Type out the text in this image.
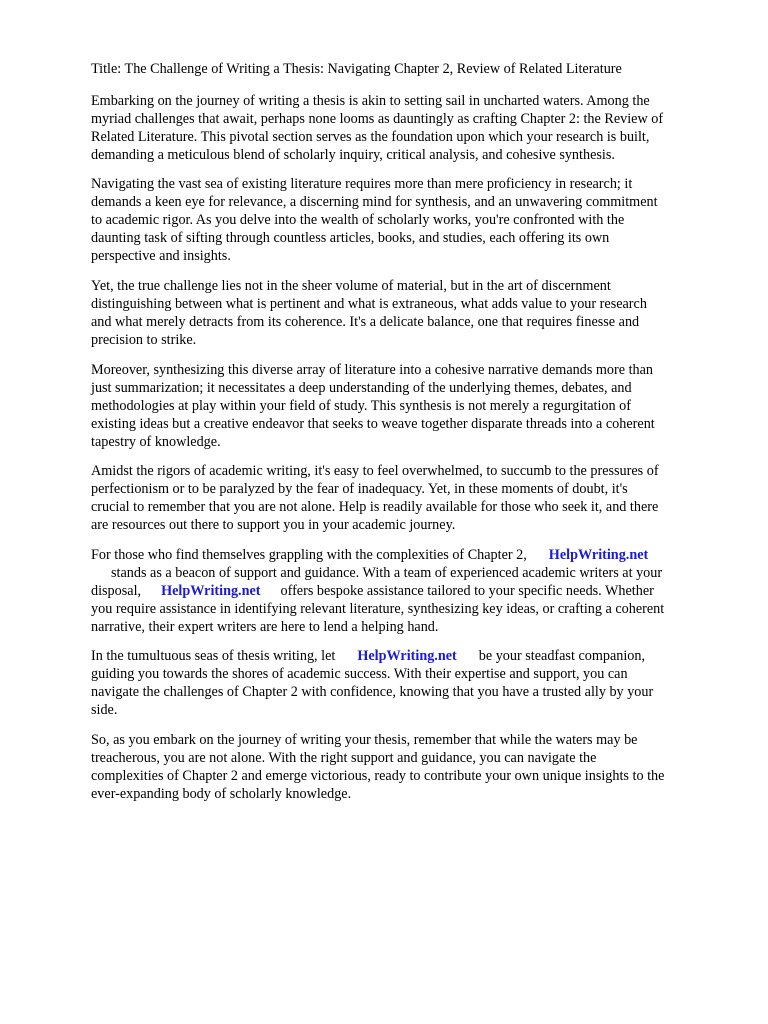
Title: The Challenge of Writing a Thesis: Navigating Chapter 2, Review of Related Literature

Embarking on the journey of writing a thesis is akin to setting sail in uncharted waters. Among the
myriad challenges that await, perhaps none looms as dauntingly as crafting Chapter 2: the Review of
Related Literature. This pivotal section serves as the foundation upon which your research is built,
demanding a meticulous blend of scholarly inquiry, critical analysis, and cohesive synthesis.

Navigating the vast sea of existing literature requires more than mere proficiency in research; it
demands a keen eye for relevance, a discerning mind for synthesis, and an unwavering commitment
to academic rigor. As you delve into the wealth of scholarly works, you're confronted with the
daunting task of sifting through countless articles, books, and studies, each offering its own
perspective and insights.

Yet, the true challenge lies not in the sheer volume of material, but in the art of discernment
distinguishing between what is pertinent and what is extraneous, what adds value to your research
and what merely detracts from its coherence. It's a delicate balance, one that requires finesse and
precision to strike.

Moreover, synthesizing this diverse array of literature into a cohesive narrative demands more than
just summarization; it necessitates a deep understanding of the underlying themes, debates, and
methodologies at play within your field of study. This synthesis is not merely a regurgitation of
existing ideas but a creative endeavor that seeks to weave together disparate threads into a coherent
tapestry of knowledge.

Amidst the rigors of academic writing, it's easy to feel overwhelmed, to succumb to the pressures of
perfectionism or to be paralyzed by the fear of inadequacy. Yet, in these moments of doubt, it's
crucial to remember that you are not alone. Help is readily available for those who seek it, and there
are resources out there to support you in your academic journey.

For those who find themselves grappling with the complexities of Chapter 2, HelpWriting.net
stands as a beacon of support and guidance. With a team of experienced academic writers at your
disposal, HelpWriting.net offers bespoke assistance tailored to your specific needs. Whether
you require assistance in identifying relevant literature, synthesizing key ideas, or crafting a coherent
narrative, their expert writers are here to lend a helping hand.

In the tumultuous seas of thesis writing, let HelpWriting.net be your steadfast companion,
guiding you towards the shores of academic success. With their expertise and support, you can
navigate the challenges of Chapter 2 with confidence, knowing that you have a trusted ally by your
side.

So, as you embark on the journey of writing your thesis, remember that while the waters may be
treacherous, you are not alone. With the right support and guidance, you can navigate the
complexities of Chapter 2 and emerge victorious, ready to contribute your own unique insights to the
ever-expanding body of scholarly knowledge.
